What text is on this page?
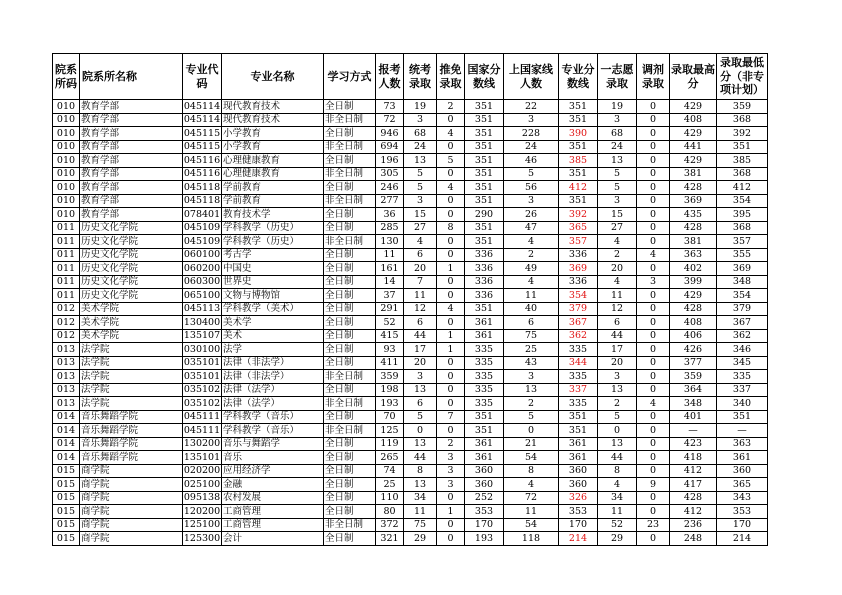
院系所码	院系所名称	专业代码	专业名称	学习方式	报考人数	统考录取	推免录取	国家分数线	上国家线人数	专业分数线	一志愿录取	调剂录取	录取最高分	录取最低分（非专项计划）
010	教育学部	045114	现代教育技术	全日制	73	19	2	351	22	351	19	0	429	359
010	教育学部	045114	现代教育技术	非全日制	72	3	0	351	3	351	3	0	408	368
010	教育学部	045115	小学教育	全日制	946	68	4	351	228	390	68	0	429	392
010	教育学部	045115	小学教育	非全日制	694	24	0	351	24	351	24	0	441	351
010	教育学部	045116	心理健康教育	全日制	196	13	5	351	46	385	13	0	429	385
010	教育学部	045116	心理健康教育	非全日制	305	5	0	351	5	351	5	0	381	368
010	教育学部	045118	学前教育	全日制	246	5	4	351	56	412	5	0	428	412
010	教育学部	045118	学前教育	非全日制	277	3	0	351	3	351	3	0	369	354
010	教育学部	078401	教育技术学	全日制	36	15	0	290	26	392	15	0	435	395
011	历史文化学院	045109	学科教学（历史）	全日制	285	27	8	351	47	365	27	0	428	368
011	历史文化学院	045109	学科教学（历史）	非全日制	130	4	0	351	4	357	4	0	381	357
011	历史文化学院	060100	考古学	全日制	11	6	0	336	2	336	2	4	363	355
011	历史文化学院	060200	中国史	全日制	161	20	1	336	49	369	20	0	402	369
011	历史文化学院	060300	世界史	全日制	14	7	0	336	4	336	4	3	399	348
011	历史文化学院	065100	文物与博物馆	全日制	37	11	0	336	11	354	11	0	429	354
012	美术学院	045113	学科教学（美术）	全日制	291	12	4	351	40	379	12	0	428	379
012	美术学院	130400	美术学	全日制	52	6	0	361	6	367	6	0	408	367
012	美术学院	135107	美术	全日制	415	44	1	361	75	362	44	0	406	362
013	法学院	030100	法学	全日制	93	17	1	335	25	335	17	0	426	346
013	法学院	035101	法律（非法学）	全日制	411	20	0	335	43	344	20	0	377	345
013	法学院	035101	法律（非法学）	非全日制	359	3	0	335	3	335	3	0	359	335
013	法学院	035102	法律（法学）	全日制	198	13	0	335	13	337	13	0	364	337
013	法学院	035102	法律（法学）	非全日制	193	6	0	335	2	335	2	4	348	340
014	音乐舞蹈学院	045111	学科教学（音乐）	全日制	70	5	7	351	5	351	5	0	401	351
014	音乐舞蹈学院	045111	学科教学（音乐）	非全日制	125	0	0	351	0	351	0	0	—	—
014	音乐舞蹈学院	130200	音乐与舞蹈学	全日制	119	13	2	361	21	361	13	0	423	363
014	音乐舞蹈学院	135101	音乐	全日制	265	44	3	361	54	361	44	0	418	361
015	商学院	020200	应用经济学	全日制	74	8	3	360	8	360	8	0	412	360
015	商学院	025100	金融	全日制	25	13	3	360	4	360	4	9	417	365
015	商学院	095138	农村发展	全日制	110	34	0	252	72	326	34	0	428	343
015	商学院	120200	工商管理	全日制	80	11	1	353	11	353	11	0	412	353
015	商学院	125100	工商管理	非全日制	372	75	0	170	54	170	52	23	236	170
015	商学院	125300	会计	全日制	321	29	0	193	118	214	29	0	248	214
